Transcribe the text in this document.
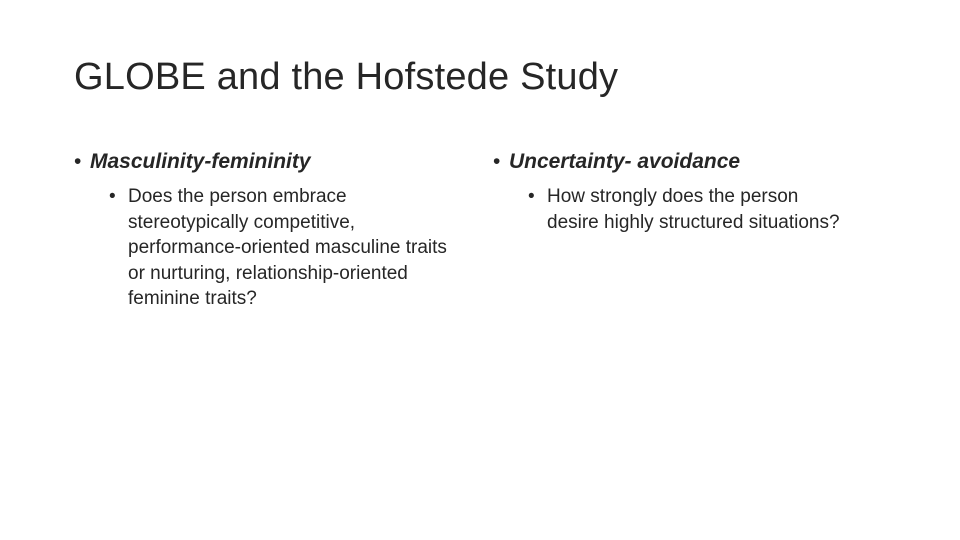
GLOBE and the Hofstede Study
• Masculinity-femininity
• Does the person embrace stereotypically competitive, performance-oriented masculine traits or nurturing, relationship-oriented feminine traits?
• Uncertainty- avoidance
• How strongly does the person desire highly structured situations?
